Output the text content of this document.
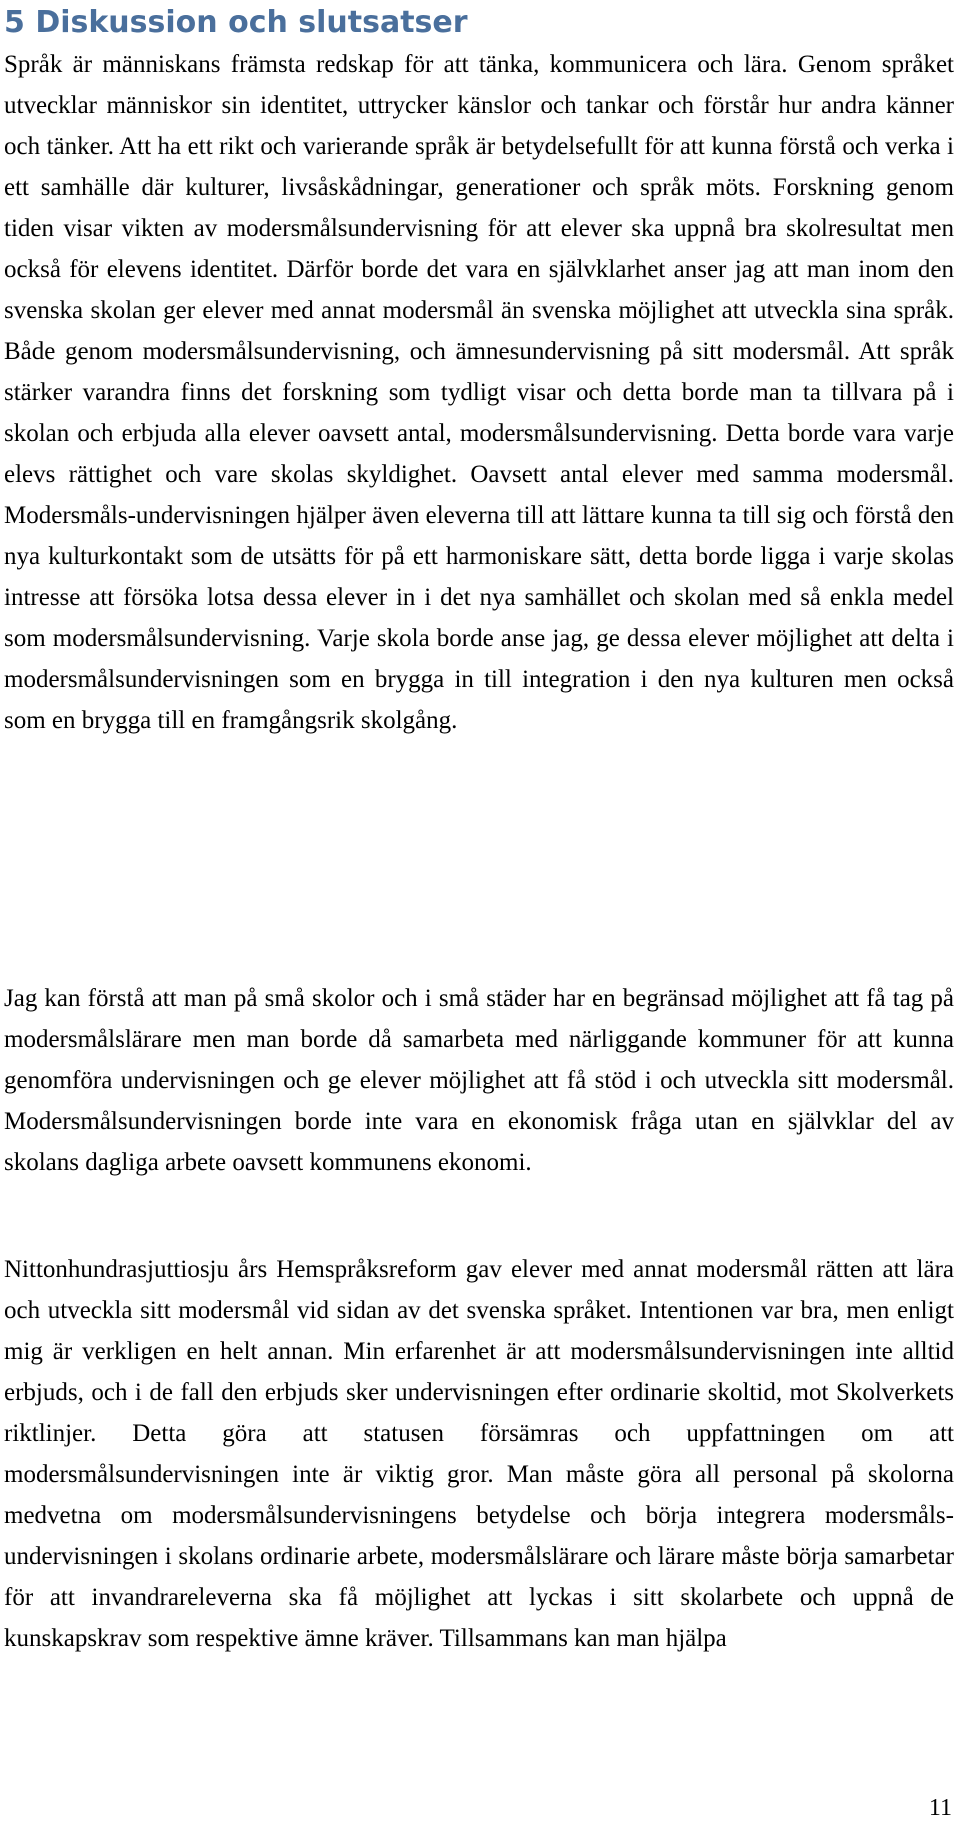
5 Diskussion och slutsatser

Språk är människans främsta redskap för att tänka, kommunicera och lära. Genom språket utvecklar människor sin identitet, uttrycker känslor och tankar och förstår hur andra känner och tänker. Att ha ett rikt och varierande språk är betydelsefullt för att kunna förstå och verka i ett samhälle där kulturer, livsåskådningar, generationer och språk möts. Forskning genom tiden visar vikten av modersmålsundervisning för att elever ska uppnå bra skolresultat men också för elevens identitet. Därför borde det vara en självklarhet anser jag att man inom den svenska skolan ger elever med annat modersmål än svenska möjlighet att utveckla sina språk. Både genom modersmålsundervisning, och ämnesundervisning på sitt modersmål. Att språk stärker varandra finns det forskning som tydligt visar och detta borde man ta tillvara på i skolan och erbjuda alla elever oavsett antal, modersmålsundervisning. Detta borde vara varje elevs rättighet och vare skolas skyldighet. Oavsett antal elever med samma modersmål. Modersmåls-undervisningen hjälper även eleverna till att lättare kunna ta till sig och förstå den nya kulturkontakt som de utsätts för på ett harmoniskare sätt, detta borde ligga i varje skolas intresse att försöka lotsa dessa elever in i det nya samhället och skolan med så enkla medel som modersmålsundervisning. Varje skola borde anse jag, ge dessa elever möjlighet att delta i modersmålsundervisningen som en brygga in till integration i den nya kulturen men också som en brygga till en framgångsrik skolgång.

Jag kan förstå att man på små skolor och i små städer har en begränsad möjlighet att få tag på modersmålslärare men man borde då samarbeta med närliggande kommuner för att kunna genomföra undervisningen och ge elever möjlighet att få stöd i och utveckla sitt modersmål. Modersmålsundervisningen borde inte vara en ekonomisk fråga utan en självklar del av skolans dagliga arbete oavsett kommunens ekonomi.

Nittonhundrasjuttiosju års Hemspråksreform gav elever med annat modersmål rätten att lära och utveckla sitt modersmål vid sidan av det svenska språket. Intentionen var bra, men enligt mig är verkligen en helt annan. Min erfarenhet är att modersmålsundervisningen inte alltid erbjuds, och i de fall den erbjuds sker undervisningen efter ordinarie skoltid, mot Skolverkets riktlinjer. Detta göra att statusen försämras och uppfattningen om att modersmålsundervisningen inte är viktig gror. Man måste göra all personal på skolorna medvetna om modersmålsundervisningens betydelse och börja integrera modersmåls- undervisningen i skolans ordinarie arbete, modersmålslärare och lärare måste börja samarbetar för att invandrareleverna ska få möjlighet att lyckas i sitt skolarbete och uppnå de kunskapskrav som respektive ämne kräver. Tillsammans kan man hjälpa

11
